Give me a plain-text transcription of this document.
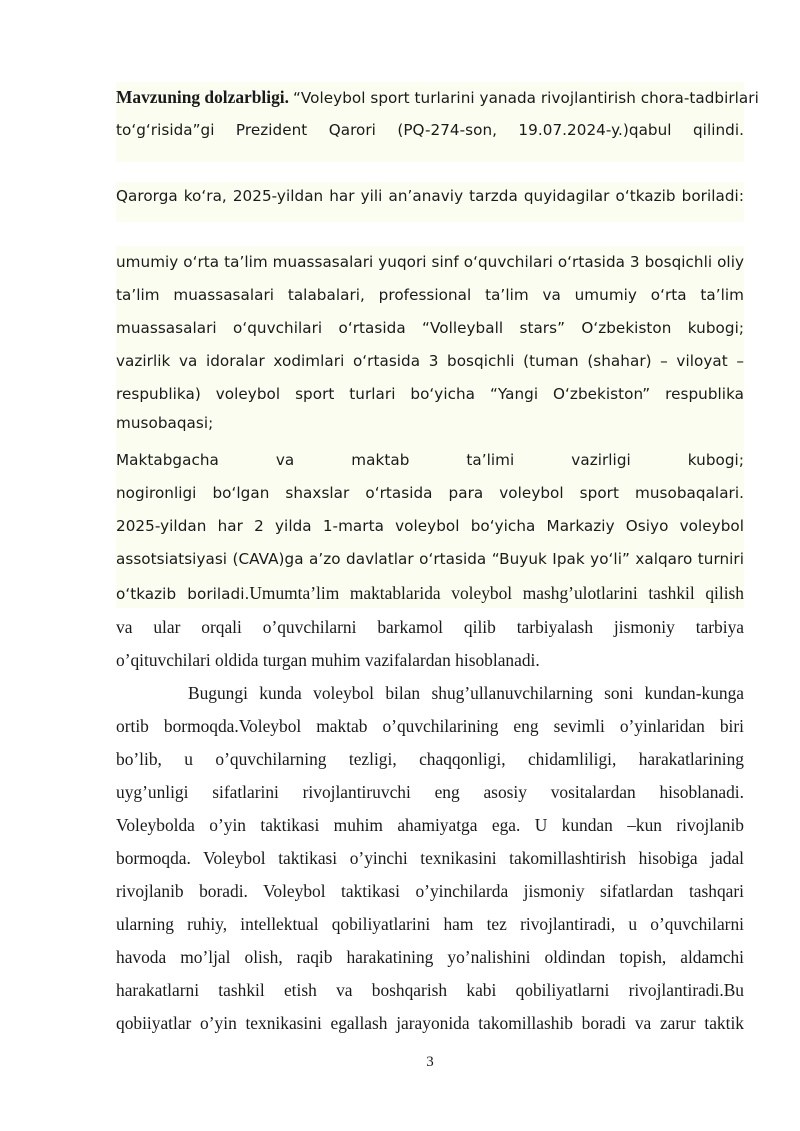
Mavzuning dolzarbligi. “Voleybol sport turlarini yanada rivojlantirish chora-tadbirlari
to‘g‘risida”gi Prezident Qarori (PQ-274-son, 19.07.2024-y.)qabul qilindi.
Qarorga ko‘ra, 2025-yildan har yili an’anaviy tarzda quyidagilar o‘tkazib boriladi:
umumiy o‘rta ta’lim muassasalari yuqori sinf o‘quvchilari o‘rtasida 3 bosqichli oliy
ta’lim muassasalari talabalari, professional ta’lim va umumiy o‘rta ta’lim
muassasalari o‘quvchilari o‘rtasida “Volleyball stars” O‘zbekiston kubogi;
vazirlik va idoralar xodimlari o‘rtasida 3 bosqichli (tuman (shahar) – viloyat –
respublika) voleybol sport turlari bo‘yicha “Yangi O‘zbekiston” respublika
musobaqasi;
Maktabgacha va maktab ta’limi vazirligi kubogi;
nogironligi bo‘lgan shaxslar o‘rtasida para voleybol sport musobaqalari.
2025-yildan har 2 yilda 1-marta voleybol bo‘yicha Markaziy Osiyo voleybol
assotsiatsiyasi (CAVA)ga a’zo davlatlar o‘rtasida “Buyuk Ipak yo‘li” xalqaro turniri
o‘tkazib boriladi.Umumta’lim maktablarida voleybol mashg’ulotlarini tashkil qilish
va ular orqali o’quvchilarni barkamol qilib tarbiyalash jismoniy tarbiya
o’qituvchilari oldida turgan muhim vazifalardan hisoblanadi.
Bugungi kunda voleybol bilan shug’ullanuvchilarning soni kundan-kunga
ortib bormoqda.Voleybol maktab o’quvchilarining eng sevimli o’yinlaridan biri
bo’lib, u o’quvchilarning tezligi, chaqqonligi, chidamliligi, harakatlarining
uyg’unligi sifatlarini rivojlantiruvchi eng asosiy vositalardan hisoblanadi.
Voleybolda o’yin taktikasi muhim ahamiyatga ega. U kundan –kun rivojlanib
bormoqda. Voleybol taktikasi o’yinchi texnikasini takomillashtirish hisobiga jadal
rivojlanib boradi. Voleybol taktikasi o’yinchilarda jismoniy sifatlardan tashqari
ularning ruhiy, intellektual qobiliyatlarini ham tez rivojlantiradi, u o’quvchilarni
havoda mo’ljal olish, raqib harakatining yo’nalishini oldindan topish, aldamchi
harakatlarni tashkil etish va boshqarish kabi qobiliyatlarni rivojlantiradi.Bu
qobiiyatlar o’yin texnikasini egallash jarayonida takomillashib boradi va zarur taktik
3
